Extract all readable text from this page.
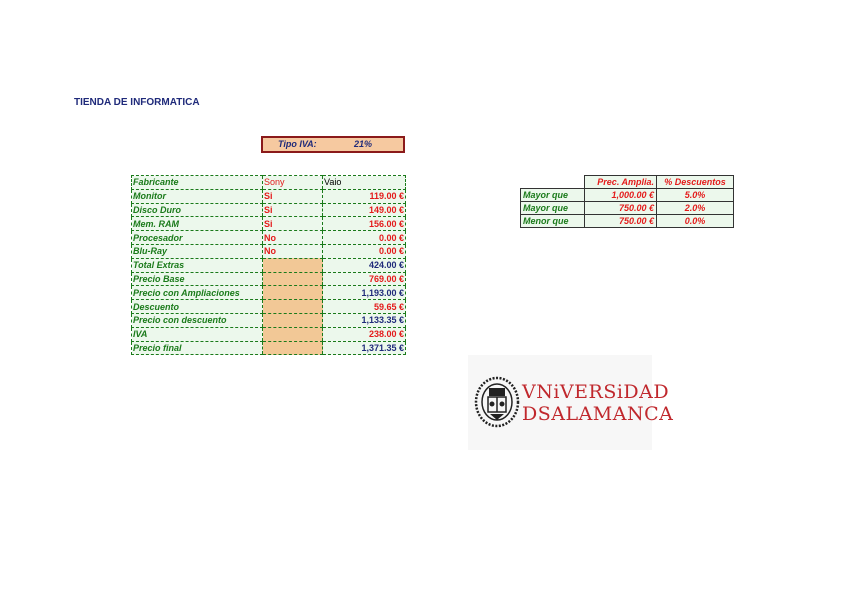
TIENDA DE INFORMATICA
Tipo IVA:	21%
Fabricante	Sony	Vaio
Monitor	Si	119.00 €
Disco Duro	Si	149.00 €
Mem. RAM	Si	156.00 €
Procesador	No	0.00 €
Blu-Ray	No	0.00 €
Total Extras		424.00 €
Precio Base		769.00 €
Precio con Ampliaciones		1,193.00 €
Descuento		59.65 €
Precio con descuento		1,133.35 €
IVA		238.00 €
Precio final		1,371.35 €
	Prec. Amplia.	% Descuentos
Mayor que	1,000.00 €	5.0%
Mayor que	750.00 €	2.0%
Menor que	750.00 €	0.0%
VNiVERSiDAD
DSALAMANCA
